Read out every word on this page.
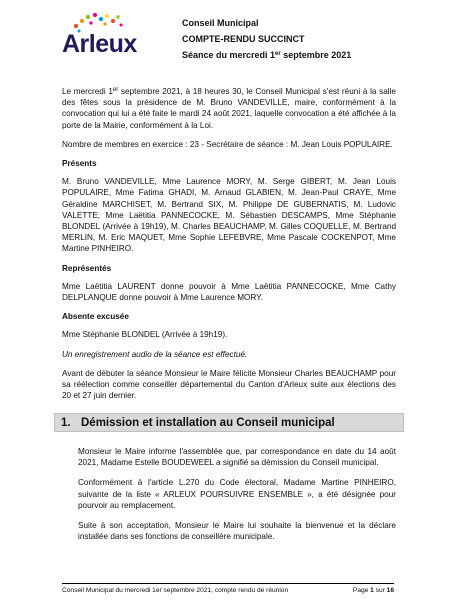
Arleux
Conseil Municipal
COMPTE-RENDU SUCCINCT
Séance du mercredi 1er septembre 2021

Le mercredi 1er septembre 2021, à 18 heures 30, le Conseil Municipal s'est réuni à la salle des fêtes sous la présidence de M. Bruno VANDEVILLE, maire, conformément à la convocation qui lui a été faite le mardi 24 août 2021, laquelle convocation a été affichée à la porte de la Mairie, conformément à la Loi.

Nombre de membres en exercice : 23 - Secrétaire de séance : M. Jean Louis POPULAIRE.

Présents

M. Bruno VANDEVILLE, Mme Laurence MORY, M. Serge GIBERT, M. Jean Louis POPULAIRE, Mme Fatima GHADI, M. Arnaud GLABIEN, M. Jean-Paul CRAYE, Mme Géraldine MARCHISET, M. Bertrand SIX, M. Philippe DE GUBERNATIS, M. Ludovic VALETTE, Mme Laëtitia PANNECOCKE, M. Sébastien DESCAMPS, Mme Stéphanie BLONDEL (Arrivée à 19h19), M. Charles BEAUCHAMP, M. Gilles COQUELLE, M. Bertrand MERLIN, M. Eric MAQUET, Mme Sophie LEFEBVRE, Mme Pascale COCKENPOT, Mme Martine PINHEIRO.

Représentés

Mme Laëtitia LAURENT donne pouvoir à Mme Laëtitia PANNECOCKE, Mme Cathy DELPLANQUE donne pouvoir à Mme Laurence MORY.

Absente excusée

Mme Stéphanie BLONDEL (Arrivée à 19h19).

Un enregistrement audio de la séance est effectué.

Avant de débuter la séance Monsieur le Maire félicite Monsieur Charles BEAUCHAMP pour sa réélection comme conseiller départemental du Canton d'Arleux suite aux élections des 20 et 27 juin dernier.

1. Démission et installation au Conseil municipal

Monsieur le Maire informe l'assemblée que, par correspondance en date du 14 août 2021, Madame Estelle BOUDEWEEL a signifié sa démission du Conseil municipal.

Conformément à l'article L.270 du Code électoral, Madame Martine PINHEIRO, suivante de la liste « ARLEUX POURSUIVRE ENSEMBLE », a été désignée pour pourvoir au remplacement.

Suite à son acceptation, Monsieur le Maire lui souhaite la bienvenue et la déclare installée dans ses fonctions de conseillère municipale.

Conseil Municipal du mercredi 1er septembre 2021, compte rendu de réunion	Page 1 sur 16
